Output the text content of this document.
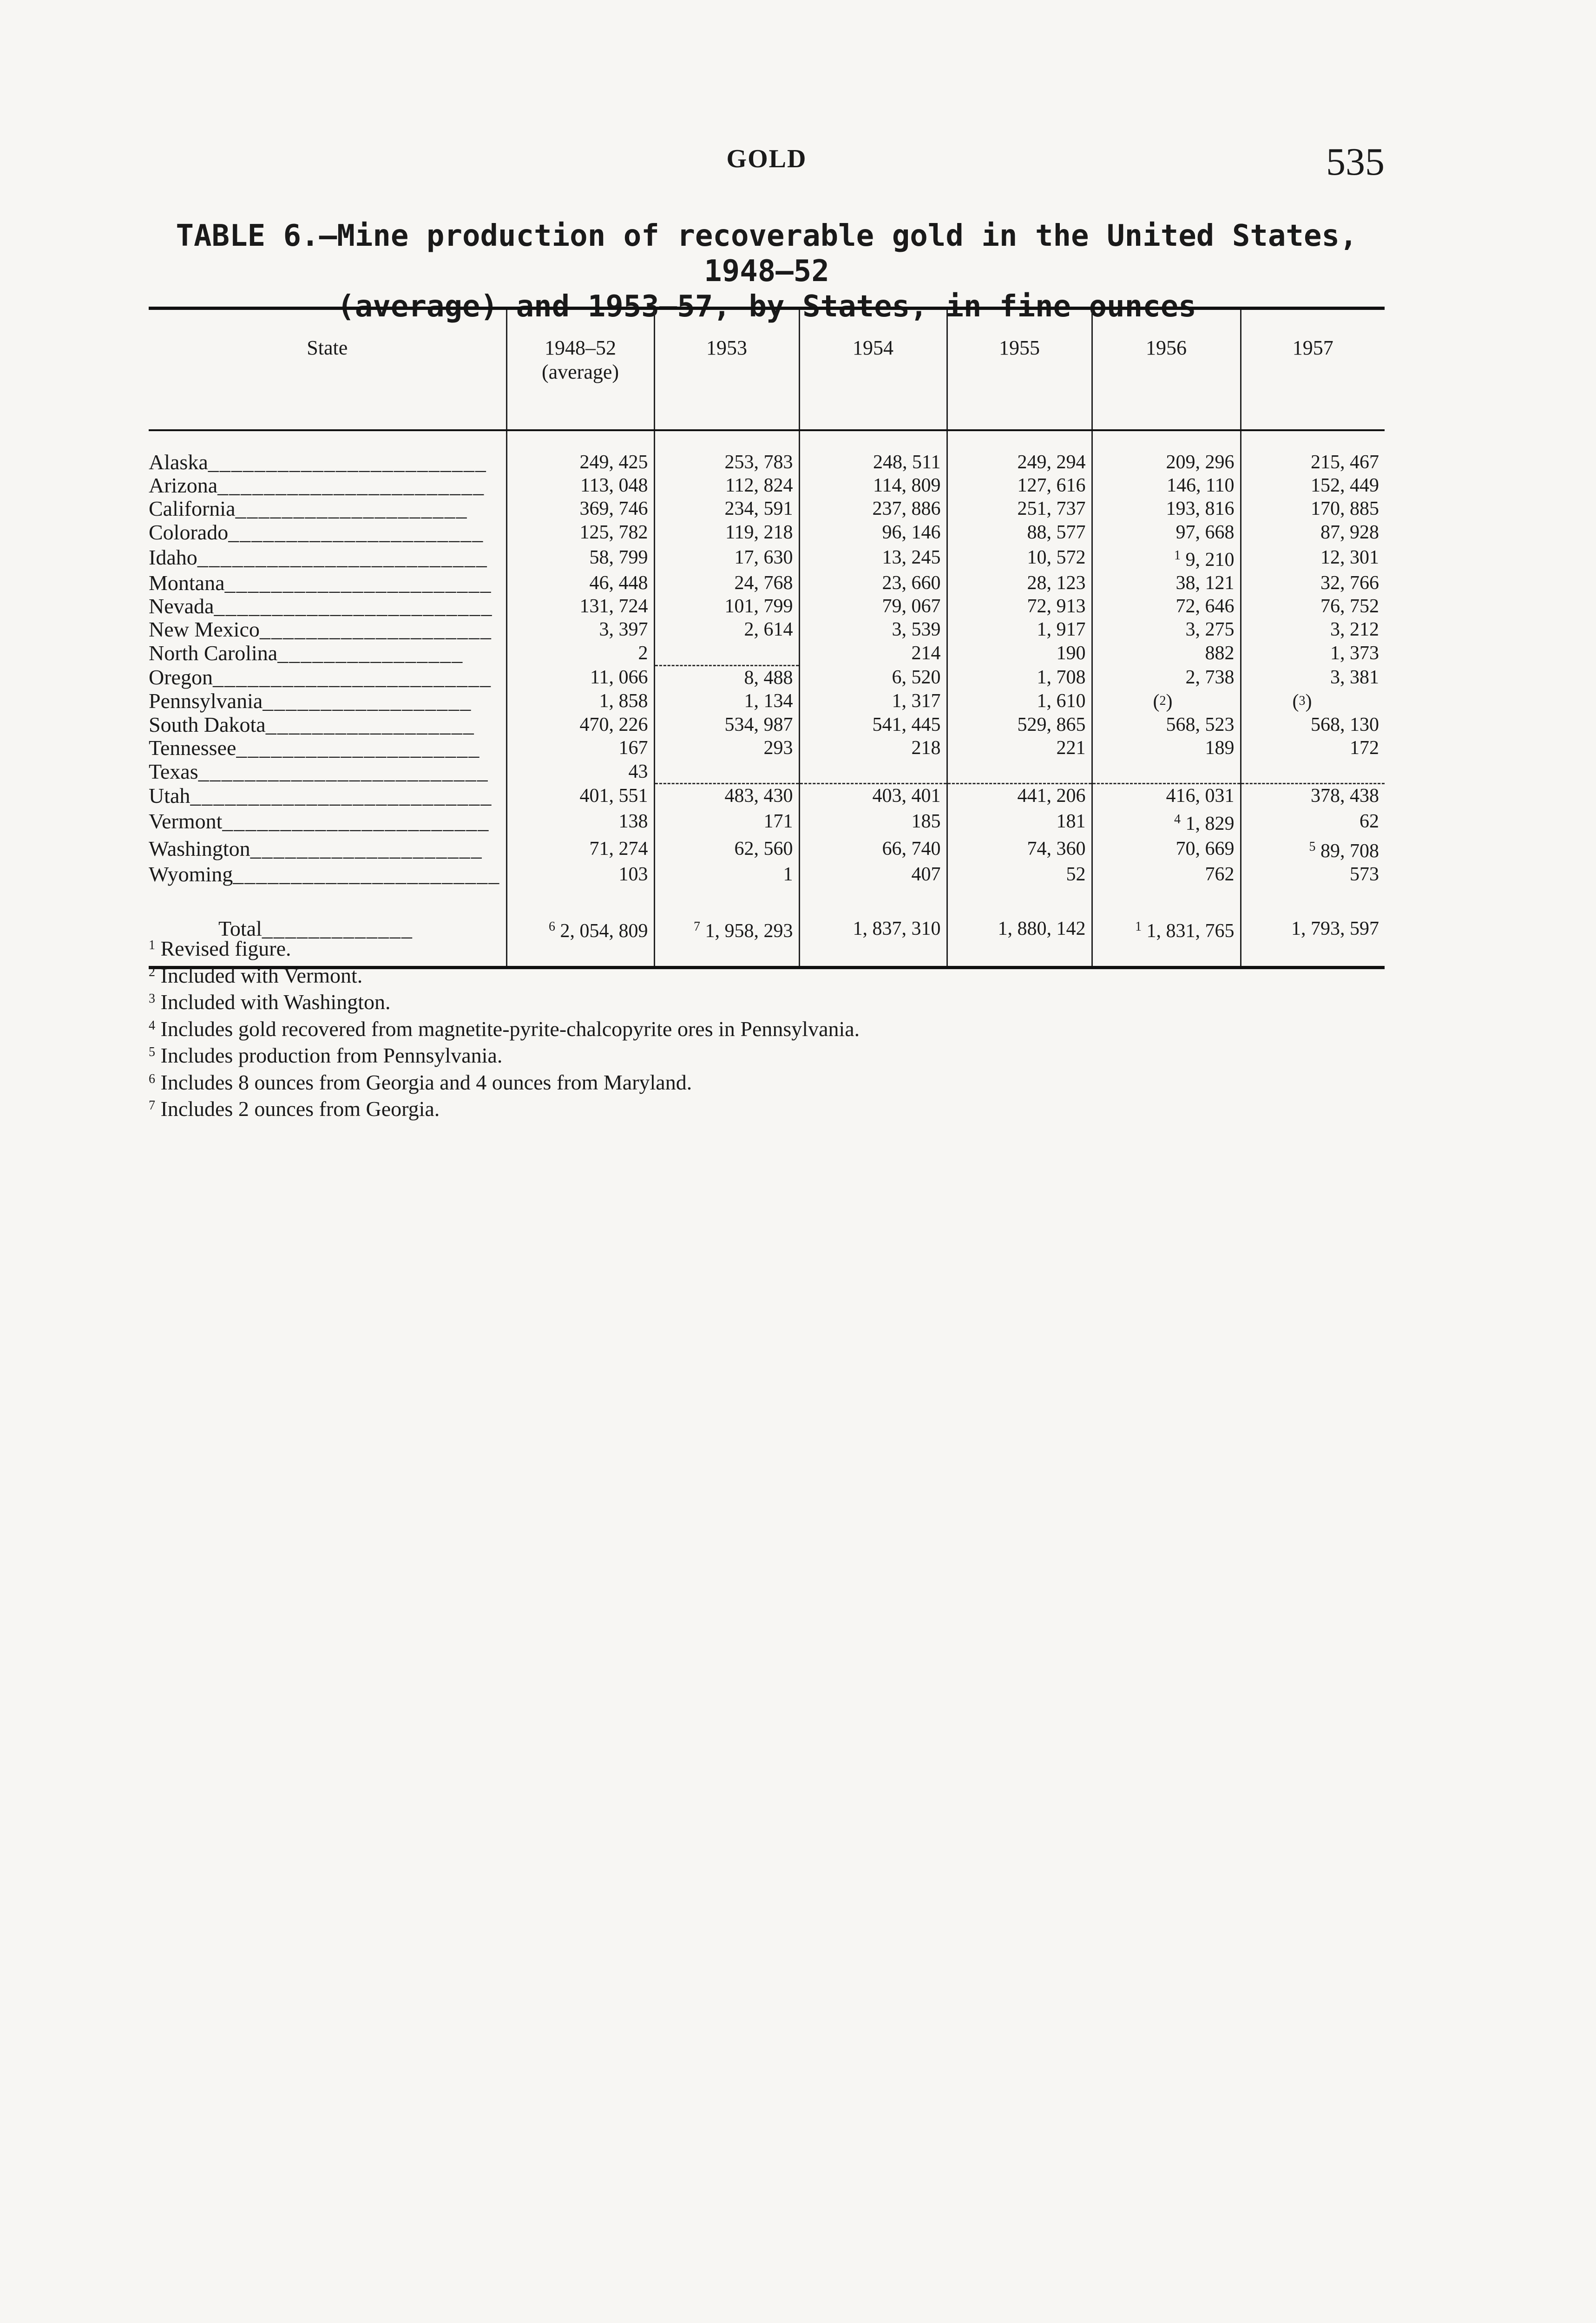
GOLD	535
TABLE 6.—Mine production of recoverable gold in the United States, 1948–52
(average) and 1953–57, by States, in fine ounces
State	1948–52 (average)	1953	1954	1955	1956	1957

Alaska________________________	249, 425	253, 783	248, 511	249, 294	209, 296	215, 467
Arizona_______________________	113, 048	112, 824	114, 809	127, 616	146, 110	152, 449
California____________________	369, 746	234, 591	237, 886	251, 737	193, 816	170, 885
Colorado______________________	125, 782	119, 218	96, 146	88, 577	97, 668	87, 928
Idaho_________________________	58, 799	17, 630	13, 245	10, 572	$^1$ 9, 210	12, 301
Montana_______________________	46, 448	24, 768	23, 660	28, 123	38, 121	32, 766
Nevada________________________	131, 724	101, 799	79, 067	72, 913	72, 646	76, 752
New Mexico____________________	3, 397	2, 614	3, 539	1, 917	3, 275	3, 212
North Carolina________________	2		214	190	882	1, 373
Oregon________________________	11, 066	8, 488	6, 520	1, 708	2, 738	3, 381
Pennsylvania__________________	1, 858	1, 134	1, 317	1, 610	($^2$)	($^3$)
South Dakota__________________	470, 226	534, 987	541, 445	529, 865	568, 523	568, 130
Tennessee_____________________	167	293	218	221	189	172
Texas_________________________	43					
Utah__________________________	401, 551	483, 430	403, 401	441, 206	416, 031	378, 438
Vermont_______________________	138	171	185	181	$^4$ 1, 829	62
Washington____________________	71, 274	62, 560	66, 740	74, 360	70, 669	$^5$ 89, 708
Wyoming_______________________	103	1	407	52	762	573

Total_____________	$^6$ 2, 054, 809	$^7$ 1, 958, 293	1, 837, 310	1, 880, 142	$^1$ 1, 831, 765	1, 793, 597

$^1$ Revised figure.
$^2$ Included with Vermont.
$^3$ Included with Washington.
$^4$ Includes gold recovered from magnetite-pyrite-chalcopyrite ores in Pennsylvania.
$^5$ Includes production from Pennsylvania.
$^6$ Includes 8 ounces from Georgia and 4 ounces from Maryland.
$^7$ Includes 2 ounces from Georgia.
